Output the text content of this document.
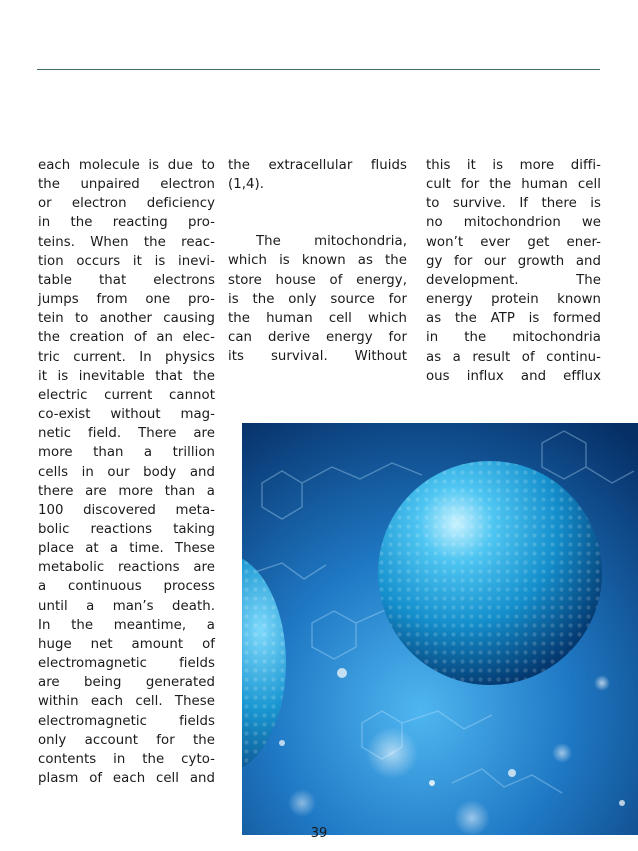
each molecule is due to

the unpaired electron

or electron deficiency

in the reacting pro-

teins. When the reac-

tion occurs it is inevi-

table that electrons

jumps from one pro-

tein to another causing

the creation of an elec-

tric current. In physics

it is inevitable that the

electric current cannot

co-exist without mag-

netic field. There are

more than a trillion

cells in our body and

there are more than a

100 discovered meta-

bolic reactions taking

place at a time. These

metabolic reactions are

a continuous process

until a man’s death.

In the meantime, a

huge net amount of

electromagnetic fields

are being generated

within each cell. These

electromagnetic fields

only account for the

contents in the cyto-

plasm of each cell and

the extracellular fluids

(1,4).

The mitochondria,

which is known as the

store house of energy,

is the only source for

the human cell which

can derive energy for

its survival. Without

this it is more diffi-

cult for the human cell

to survive. If there is

no mitochondrion we

won’t ever get ener-

gy for our growth and

development. The

energy protein known

as the ATP is formed

in the mitochondria

as a result of continu-

ous influx and efflux

39
